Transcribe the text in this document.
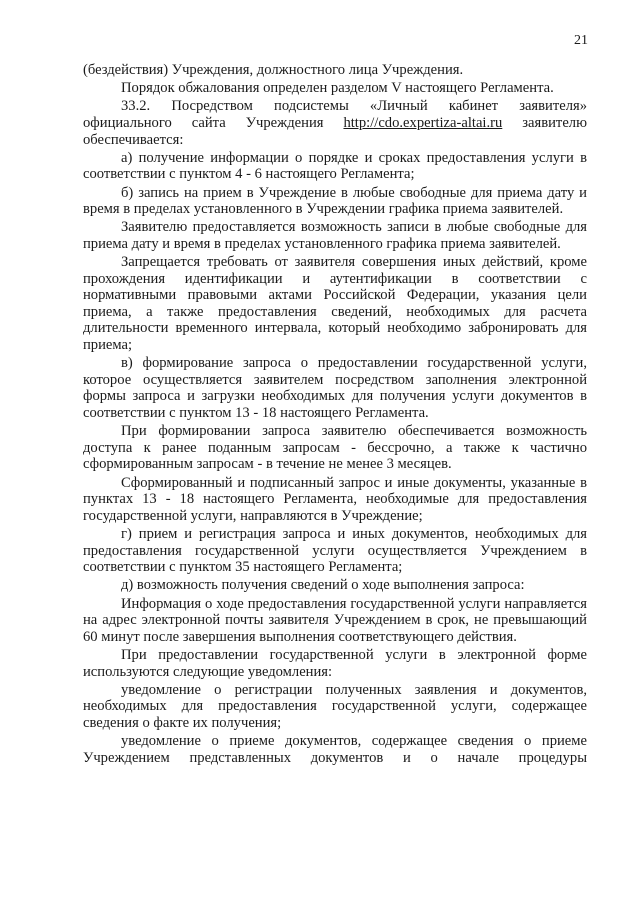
21

(бездействия) Учреждения, должностного лица Учреждения.

Порядок обжалования определен разделом V настоящего Регламента.

33.2. Посредством подсистемы «Личный кабинет заявителя» официального сайта Учреждения http://cdo.expertiza-altai.ru заявителю обеспечивается:

а) получение информации о порядке и сроках предоставления услуги в соответствии с пунктом 4 - 6 настоящего Регламента;

б) запись на прием в Учреждение в любые свободные для приема дату и время в пределах установленного в Учреждении графика приема заявителей.

Заявителю предоставляется возможность записи в любые свободные для приема дату и время в пределах установленного графика приема заявителей.

Запрещается требовать от заявителя совершения иных действий, кроме прохождения идентификации и аутентификации в соответствии с нормативными правовыми актами Российской Федерации, указания цели приема, а также предоставления сведений, необходимых для расчета длительности временного интервала, который необходимо забронировать для приема;

в) формирование запроса о предоставлении государственной услуги, которое осуществляется заявителем посредством заполнения электронной формы запроса и загрузки необходимых для получения услуги документов в соответствии с пунктом 13 - 18 настоящего Регламента.

При формировании запроса заявителю обеспечивается возможность доступа к ранее поданным запросам - бессрочно, а также к частично сформированным запросам - в течение не менее 3 месяцев.

Сформированный и подписанный запрос и иные документы, указанные в пунктах 13 - 18 настоящего Регламента, необходимые для предоставления государственной услуги, направляются в Учреждение;

г) прием и регистрация запроса и иных документов, необходимых для предоставления государственной услуги осуществляется Учреждением в соответствии с пунктом 35 настоящего Регламента;

д) возможность получения сведений о ходе выполнения запроса:

Информация о ходе предоставления государственной услуги направляется на адрес электронной почты заявителя Учреждением в срок, не превышающий 60 минут после завершения выполнения соответствующего действия.

При предоставлении государственной услуги в электронной форме используются следующие уведомления:

уведомление о регистрации полученных заявления и документов, необходимых для предоставления государственной услуги, содержащее сведения о факте их получения;

уведомление о приеме документов, содержащее сведения о приеме Учреждением представленных документов и о начале процедуры
